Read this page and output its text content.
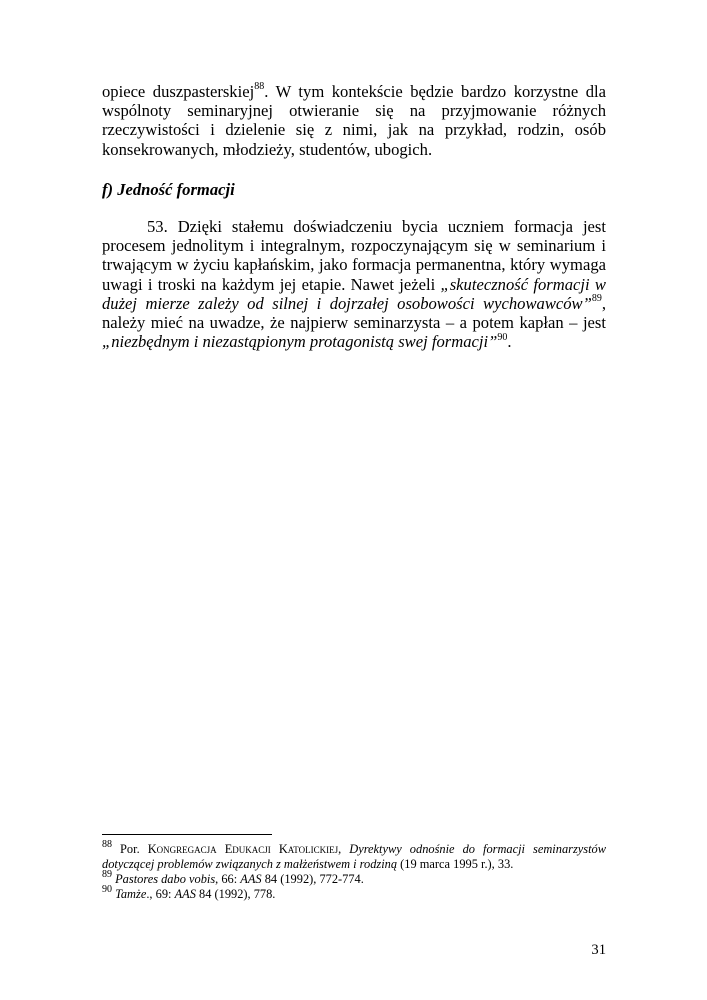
opiece duszpasterskiej$^{88}$. W tym kontekście będzie bardzo korzystne dla wspólnoty seminaryjnej otwieranie się na przyjmowanie różnych rzeczywistości i dzielenie się z nimi, jak na przykład, rodzin, osób konsekrowanych, młodzieży, studentów, ubogich.

f) Jedność formacji

53. Dzięki stałemu doświadczeniu bycia uczniem formacja jest procesem jednolitym i integralnym, rozpoczynającym się w seminarium i trwającym w życiu kapłańskim, jako formacja permanentna, który wymaga uwagi i troski na każdym jej etapie. Nawet jeżeli „skuteczność formacji w dużej mierze zależy od silnej i dojrzałej osobowości wychowawców”$^{89}$, należy mieć na uwadze, że najpierw seminarzysta – a potem kapłan – jest „niezbędnym i niezastąpionym protagonistą swej formacji”$^{90}$.

$^{88}$ Por. Kongregacja Edukacji Katolickiej, Dyrektywy odnośnie do formacji seminarzystów dotyczącej problemów związanych z małżeństwem i rodziną (19 marca 1995 r.), 33.

$^{89}$ Pastores dabo vobis, 66: AAS 84 (1992), 772-774.

$^{90}$ Tamże., 69: AAS 84 (1992), 778.

31
